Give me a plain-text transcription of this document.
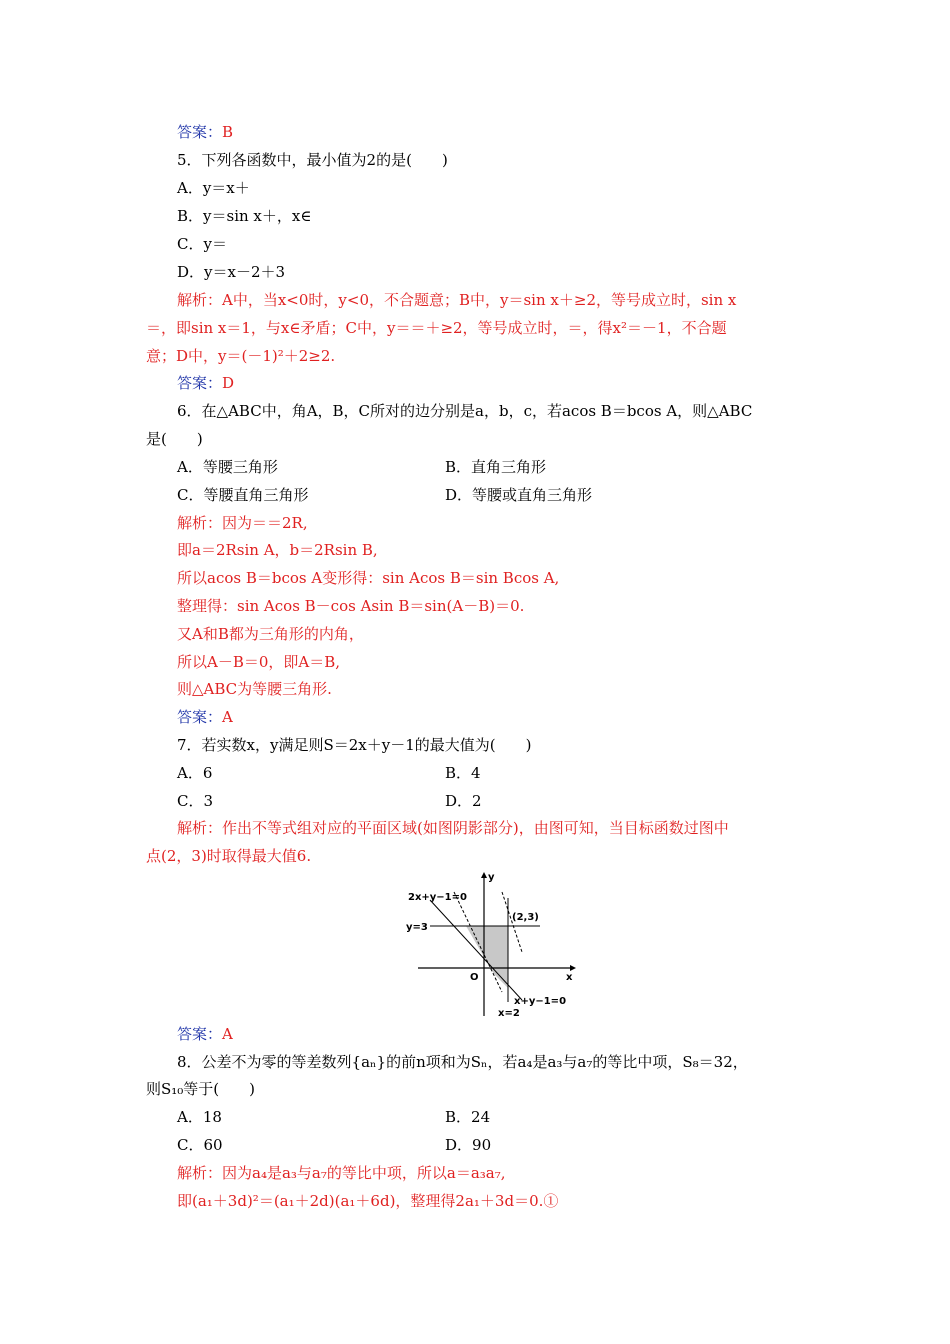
答案：B
5．下列各函数中，最小值为2的是(　　)
A．y＝x＋
B．y＝sin x＋，x∈
C．y＝
D．y＝x－2＋3
解析：A中，当x<0时，y<0，不合题意；B中，y＝sin x＋≥2，等号成立时，sin x
＝，即sin x＝1，与x∈矛盾；C中，y＝＝＋≥2，等号成立时，＝，得x²＝－1，不合题
意；D中，y＝(－1)²＋2≥2.
答案：D
6．在△ABC中，角A，B，C所对的边分别是a，b，c，若acos B＝bcos A，则△ABC
是(　　)
A．等腰三角形	B．直角三角形
C．等腰直角三角形	D．等腰或直角三角形
解析：因为＝＝2R,
即a＝2Rsin A，b＝2Rsin B,
所以acos B＝bcos A变形得：sin Acos B＝sin Bcos A,
整理得：sin Acos B－cos Asin B＝sin(A－B)＝0.
又A和B都为三角形的内角，
所以A－B＝0，即A＝B,
则△ABC为等腰三角形.
答案：A
7．若实数x，y满足则S＝2x＋y－1的最大值为(　　)
A．6	B．4
C．3	D．2
解析：作出不等式组对应的平面区域(如图阴影部分)，由图可知，当目标函数过图中
点(2，3)时取得最大值6.
2x+y−1=0
y=3
(2,3)
O	x
y
x+y−1=0
x=2
答案：A
8．公差不为零的等差数列{aₙ}的前n项和为Sₙ，若a₄是a₃与a₇的等比中项，S₈＝32，
则S₁₀等于(　　)
A．18	B．24
C．60	D．90
解析：因为a₄是a₃与a₇的等比中项，所以a＝a₃a₇,
即(a₁＋3d)²＝(a₁＋2d)(a₁＋6d)，整理得2a₁＋3d＝0.①
